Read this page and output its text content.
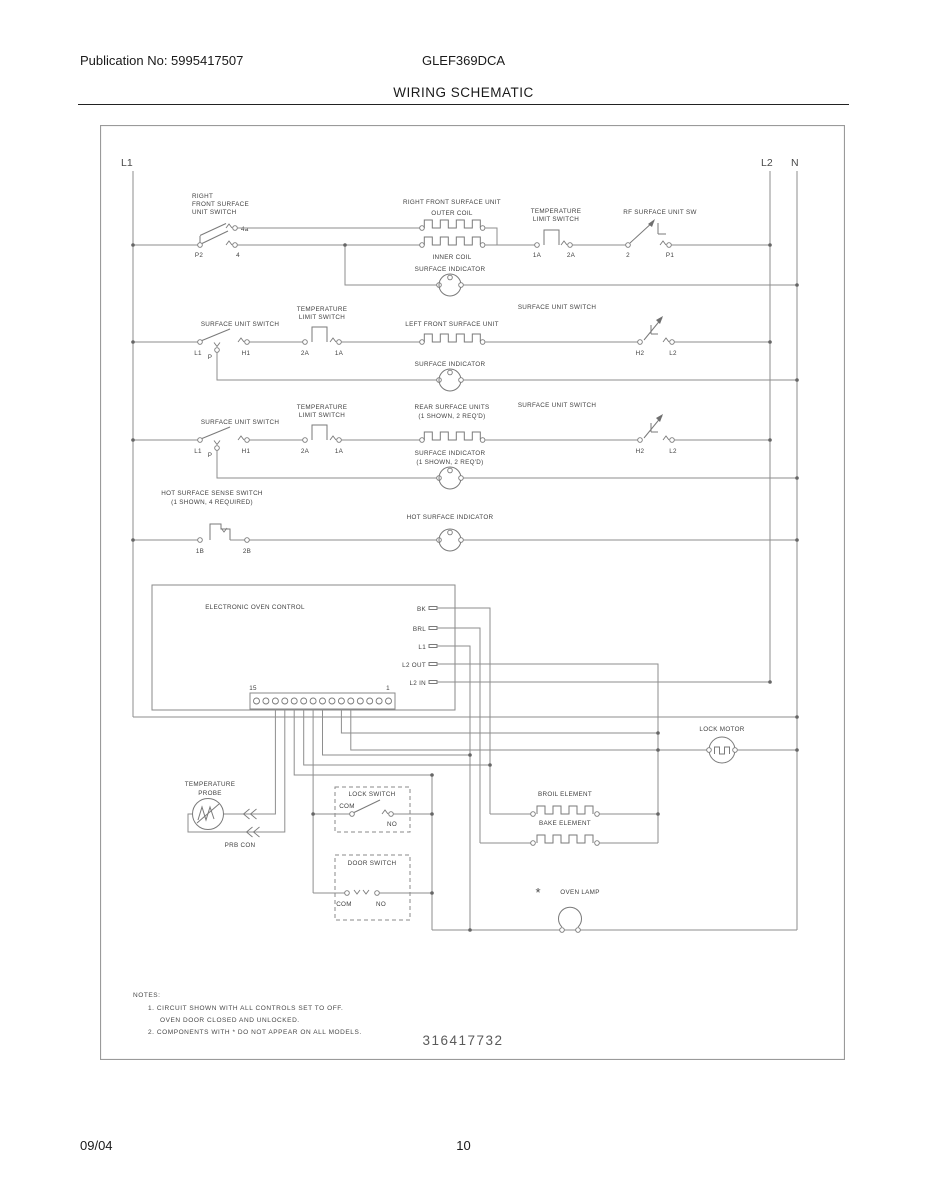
Publication No: 5995417507	GLEF369DCA
WIRING SCHEMATIC
L1	L2 N
RIGHT
FRONT SURFACE
UNIT SWITCH
P2
4a
4
RIGHT FRONT SURFACE UNIT
OUTER COIL
INNER COIL
TEMPERATURE
LIMIT SWITCH
1A	2A
RF SURFACE UNIT SW
2	P1
SURFACE INDICATOR
SURFACE UNIT SWITCH
L1
P
H1
TEMPERATURE
LIMIT SWITCH
2A	1A
LEFT FRONT SURFACE UNIT
SURFACE UNIT SWITCH
H2	L2
SURFACE INDICATOR
SURFACE UNIT SWITCH
L1
P
H1
TEMPERATURE
LIMIT SWITCH
2A	1A
REAR SURFACE UNITS
(1 SHOWN, 2 REQ'D)
SURFACE UNIT SWITCH
H2	L2
SURFACE INDICATOR
(1 SHOWN, 2 REQ'D)
HOT SURFACE SENSE SWITCH
(1 SHOWN, 4 REQUIRED)
1B	2B
HOT SURFACE INDICATOR
ELECTRONIC OVEN CONTROL	BK
BRL
L1
L2 OUT
L2 IN
15	1
LOCK MOTOR
TEMPERATURE
PROBE
PRB CON
LOCK SWITCH
COM
NO
DOOR SWITCH
COM	NO
BROIL ELEMENT
BAKE ELEMENT
*	OVEN LAMP
NOTES:
1. CIRCUIT SHOWN WITH ALL CONTROLS SET TO OFF.
OVEN DOOR CLOSED AND UNLOCKED.
2. COMPONENTS WITH * DO NOT APPEAR ON ALL MODELS.
316417732
09/04	10
